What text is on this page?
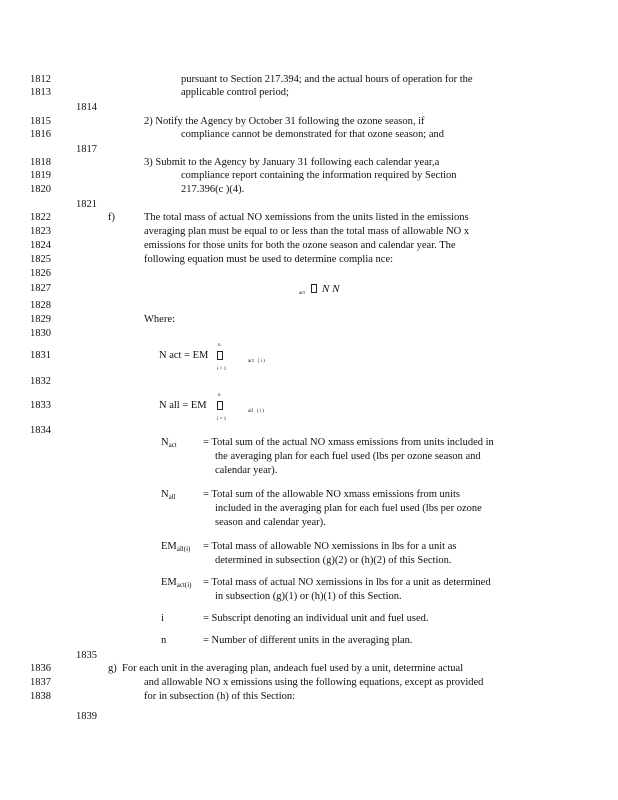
1812
1813
1814
1815
1816
1817
1818
1819
1820
1821
1822
1823
1824
1825
1826
1827
1828
1829
1830
1831
1832
1833
1834
pursuant to Section 217.394; and the actual hours of operation for the
applicable control period;
2) Notify the Agency by October 31 following the ozone season, if
compliance cannot be demonstrated for that ozone season; and
3) Submit to the Agency by January 31 following each calendar year,a
compliance report containing the information required by Section
217.396(c )(4).
f)	The total mass of actual NO xemissions from the units listed in the emissions
averaging plan must be equal to or less than the total mass of allowable NO x
emissions for those units for both the ozone season and calendar year. The
following equation must be used to determine complia nce:
act N N
Where:
n
N act = EM
i = 1
act   ( i )
n
N all = EM
i = 1
all   ( i )
$N_{act}$ = Total sum of the actual NO xmass emissions from units included in
the averaging plan for each fuel used (lbs per ozone season and
calendar year).
$N_{all}$	= Total sum of the allowable NO xmass emissions from units
included in the averaging plan for each fuel used (lbs per ozone
season and calendar year).
$EM_{all(i)}$ = Total mass of allowable NO xemissions in lbs for a unit as
determined in subsection (g)(2) or (h)(2) of this Section.
$EM_{act(i)}$ = Total mass of actual NO xemissions in lbs for a unit as determined
in subsection (g)(1) or (h)(1) of this Section.
i	= Subscript denoting an individual unit and fuel used.
n	= Number of different units in the averaging plan.
1835
1836
1837
1838
1839
g) For each unit in the averaging plan, andeach fuel used by a unit, determine actual
and allowable NO x emissions using the following equations, except as provided
for in subsection (h) of this Section:
